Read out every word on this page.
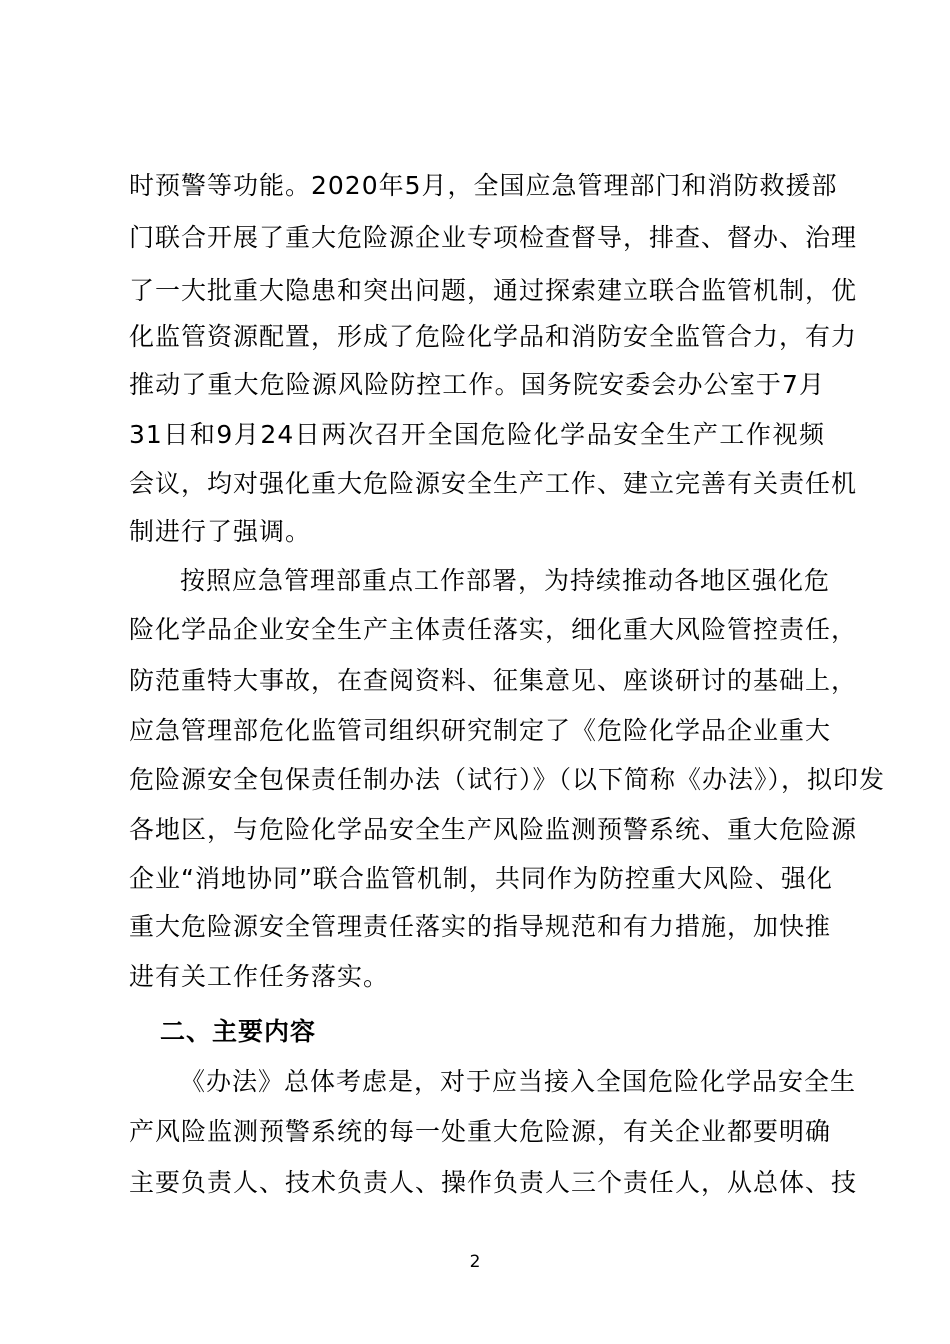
时预警等功能。2020年5月，全国应急管理部门和消防救援部
门联合开展了重大危险源企业专项检查督导，排查、督办、治理
了一大批重大隐患和突出问题，通过探索建立联合监管机制，优
化监管资源配置，形成了危险化学品和消防安全监管合力，有力
推动了重大危险源风险防控工作。国务院安委会办公室于7月
31日和9月24日两次召开全国危险化学品安全生产工作视频
会议，均对强化重大危险源安全生产工作、建立完善有关责任机
制进行了强调。
按照应急管理部重点工作部署，为持续推动各地区强化危
险化学品企业安全生产主体责任落实，细化重大风险管控责任，
防范重特大事故，在查阅资料、征集意见、座谈研讨的基础上，
应急管理部危化监管司组织研究制定了《危险化学品企业重大
危险源安全包保责任制办法（试行）》（以下简称《办法》），拟印发
各地区，与危险化学品安全生产风险监测预警系统、重大危险源
企业“消地协同”联合监管机制，共同作为防控重大风险、强化
重大危险源安全管理责任落实的指导规范和有力措施，加快推
进有关工作任务落实。
二、主要内容
《办法》总体考虑是，对于应当接入全国危险化学品安全生
产风险监测预警系统的每一处重大危险源，有关企业都要明确
主要负责人、技术负责人、操作负责人三个责任人，从总体、技
2
